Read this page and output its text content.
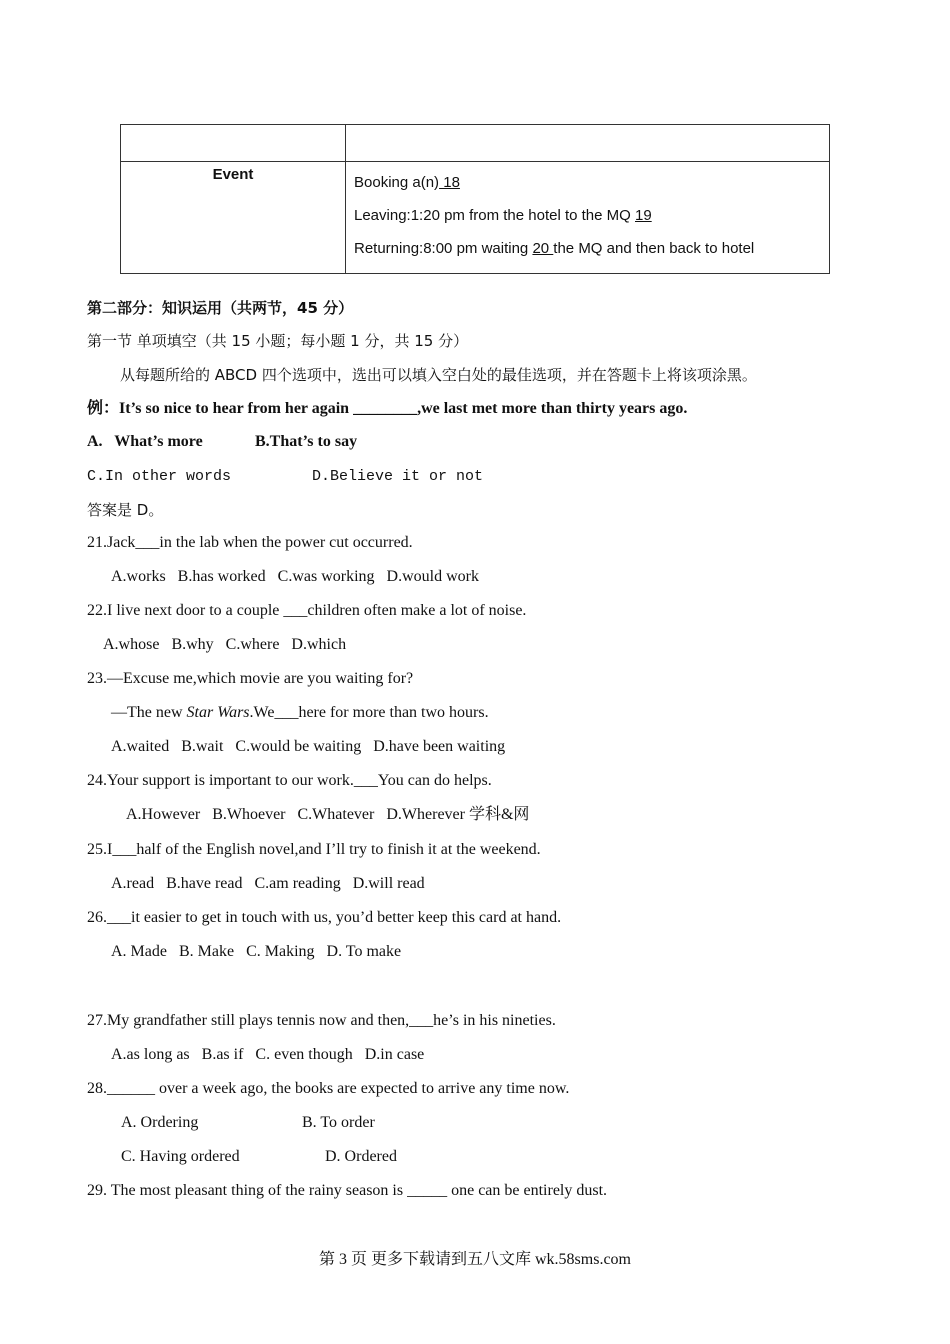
Event	Booking a(n) 18
Leaving:1:20 pm from the hotel to the MQ 19
Returning:8:00 pm waiting 20 the MQ and then back to hotel
第二部分：知识运用（共两节，45 分）
第一节 单项填空（共 15 小题；每小题 1 分，共 15 分）
从每题所给的 ABCD 四个选项中，选出可以填入空白处的最佳选项，并在答题卡上将该项涂黑。
例：It’s so nice to hear from her again ________,we last met more than thirty years ago.
A.   What’s more	B.That’s to say
C.In other words	D.Believe it or not
答案是 D。
21.Jack___in the lab when the power cut occurred.
A.works   B.has worked   C.was working   D.would work
22.I live next door to a couple ___children often make a lot of noise.
A.whose   B.why   C.where   D.which
23.—Excuse me,which movie are you waiting for?
—The new Star Wars.We___here for more than two hours.
A.waited   B.wait   C.would be waiting   D.have been waiting
24.Your support is important to our work.___You can do helps.
A.However   B.Whoever   C.Whatever   D.Wherever 学科&网
25.I___half of the English novel,and I’ll try to finish it at the weekend.
A.read   B.have read   C.am reading   D.will read
26.___it easier to get in touch with us, you’d better keep this card at hand.
A. Made   B. Make   C. Making   D. To make
27.My grandfather still plays tennis now and then,___he’s in his nineties.
A.as long as   B.as if   C. even though   D.in case
28.______ over a week ago, the books are expected to arrive any time now.
A. Ordering	B. To order
C. Having ordered	D. Ordered
29. The most pleasant thing of the rainy season is _____ one can be entirely dust.
第 3 页 更多下载请到五八文库 wk.58sms.com
